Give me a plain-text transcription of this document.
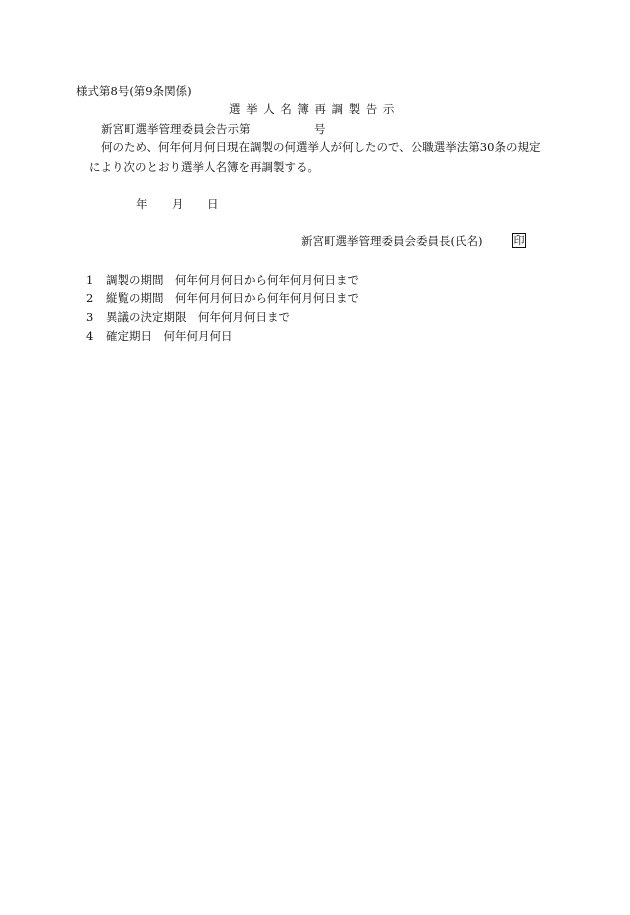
様式第8号(第9条関係)
選挙人名簿再調製告示
新宮町選挙管理委員会告示第	号
何のため、何年何月何日現在調製の何選挙人が何したので、公職選挙法第30条の規定
により次のとおり選挙人名簿を再調製する。
年 月 日
新宮町選挙管理委員会委員長(氏名)	印
1 調製の期間　何年何月何日から何年何月何日まで
2 縦覧の期間　何年何月何日から何年何月何日まで
3 異議の決定期限　何年何月何日まで
4 確定期日　何年何月何日
